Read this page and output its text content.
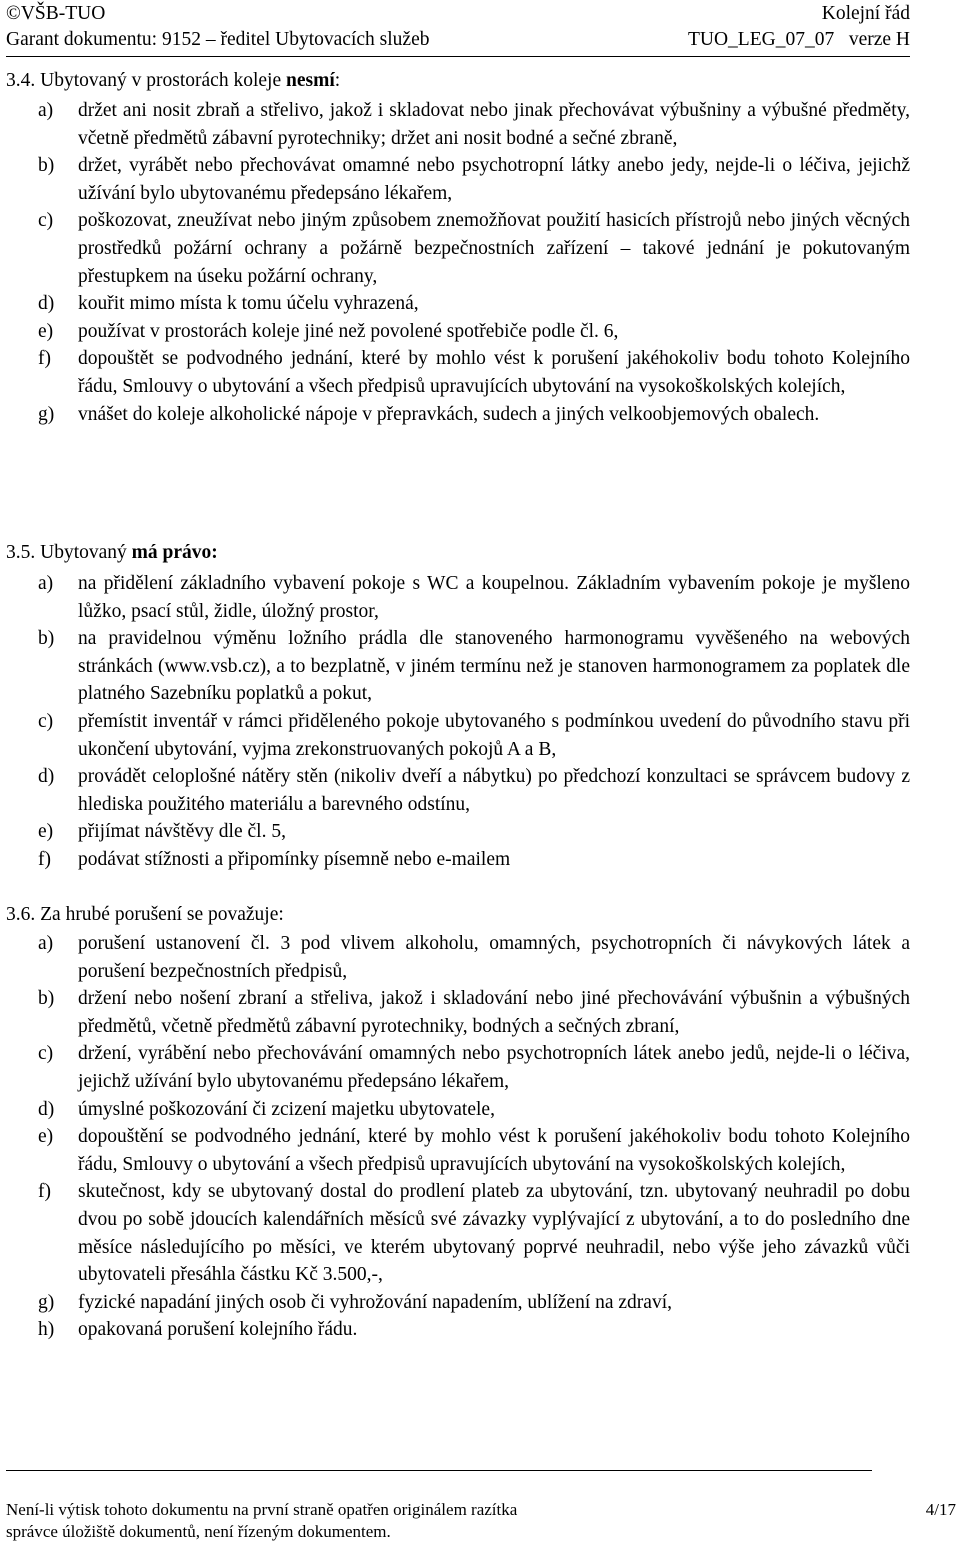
©VŠB-TUO	Kolejní řád
Garant dokumentu: 9152 – ředitel Ubytovacích služeb	TUO_LEG_07_07 verze H
3.4. Ubytovaný v prostorách koleje nesmí:
a) držet ani nosit zbraň a střelivo, jakož i skladovat nebo jinak přechovávat výbušniny a výbušné předměty, včetně předmětů zábavní pyrotechniky; držet ani nosit bodné a sečné zbraně,
b) držet, vyrábět nebo přechovávat omamné nebo psychotropní látky anebo jedy, nejde-li o léčiva, jejichž užívání bylo ubytovanému předepsáno lékařem,
c) poškozovat, zneužívat nebo jiným způsobem znemožňovat použití hasicích přístrojů nebo jiných věcných prostředků požární ochrany a požárně bezpečnostních zařízení – takové jednání je pokutovaným přestupkem na úseku požární ochrany,
d) kouřit mimo místa k tomu účelu vyhrazená,
e) používat v prostorách koleje jiné než povolené spotřebiče podle čl. 6,
f) dopouštět se podvodného jednání, které by mohlo vést k porušení jakéhokoliv bodu tohoto Kolejního řádu, Smlouvy o ubytování a všech předpisů upravujících ubytování na vysokoškolských kolejích,
g) vnášet do koleje alkoholické nápoje v přepravkách, sudech a jiných velkoobjemových obalech.
3.5. Ubytovaný má právo:
a) na přidělení základního vybavení pokoje s WC a koupelnou. Základním vybavením pokoje je myšleno lůžko, psací stůl, židle, úložný prostor,
b) na pravidelnou výměnu ložního prádla dle stanoveného harmonogramu vyvěšeného na webových stránkách (www.vsb.cz), a to bezplatně, v jiném termínu než je stanoven harmonogramem za poplatek dle platného Sazebníku poplatků a pokut,
c) přemístit inventář v rámci přiděleného pokoje ubytovaného s podmínkou uvedení do původního stavu při ukončení ubytování, vyjma zrekonstruovaných pokojů A a B,
d) provádět celoplošné nátěry stěn (nikoliv dveří a nábytku) po předchozí konzultaci se správcem budovy z hlediska použitého materiálu a barevného odstínu,
e) přijímat návštěvy dle čl. 5,
f) podávat stížnosti a připomínky písemně nebo e-mailem
3.6. Za hrubé porušení se považuje:
a) porušení ustanovení čl. 3 pod vlivem alkoholu, omamných, psychotropních či návykových látek a porušení bezpečnostních předpisů,
b) držení nebo nošení zbraní a střeliva, jakož i skladování nebo jiné přechovávání výbušnin a výbušných předmětů, včetně předmětů zábavní pyrotechniky, bodných a sečných zbraní,
c) držení, vyrábění nebo přechovávání omamných nebo psychotropních látek anebo jedů, nejde-li o léčiva, jejichž užívání bylo ubytovanému předepsáno lékařem,
d) úmyslné poškozování či zcizení majetku ubytovatele,
e) dopouštění se podvodného jednání, které by mohlo vést k porušení jakéhokoliv bodu tohoto Kolejního řádu, Smlouvy o ubytování a všech předpisů upravujících ubytování na vysokoškolských kolejích,
f) skutečnost, kdy se ubytovaný dostal do prodlení plateb za ubytování, tzn. ubytovaný neuhradil po dobu dvou po sobě jdoucích kalendářních měsíců své závazky vyplývající z ubytování, a to do posledního dne měsíce následujícího po měsíci, ve kterém ubytovaný poprvé neuhradil, nebo výše jeho závazků vůči ubytovateli přesáhla částku Kč 3.500,-,
g) fyzické napadání jiných osob či vyhrožování napadením, ublížení na zdraví,
h) opakovaná porušení kolejního řádu.
Není-li výtisk tohoto dokumentu na první straně opatřen originálem razítka
správce úložiště dokumentů, není řízeným dokumentem.
4/17
